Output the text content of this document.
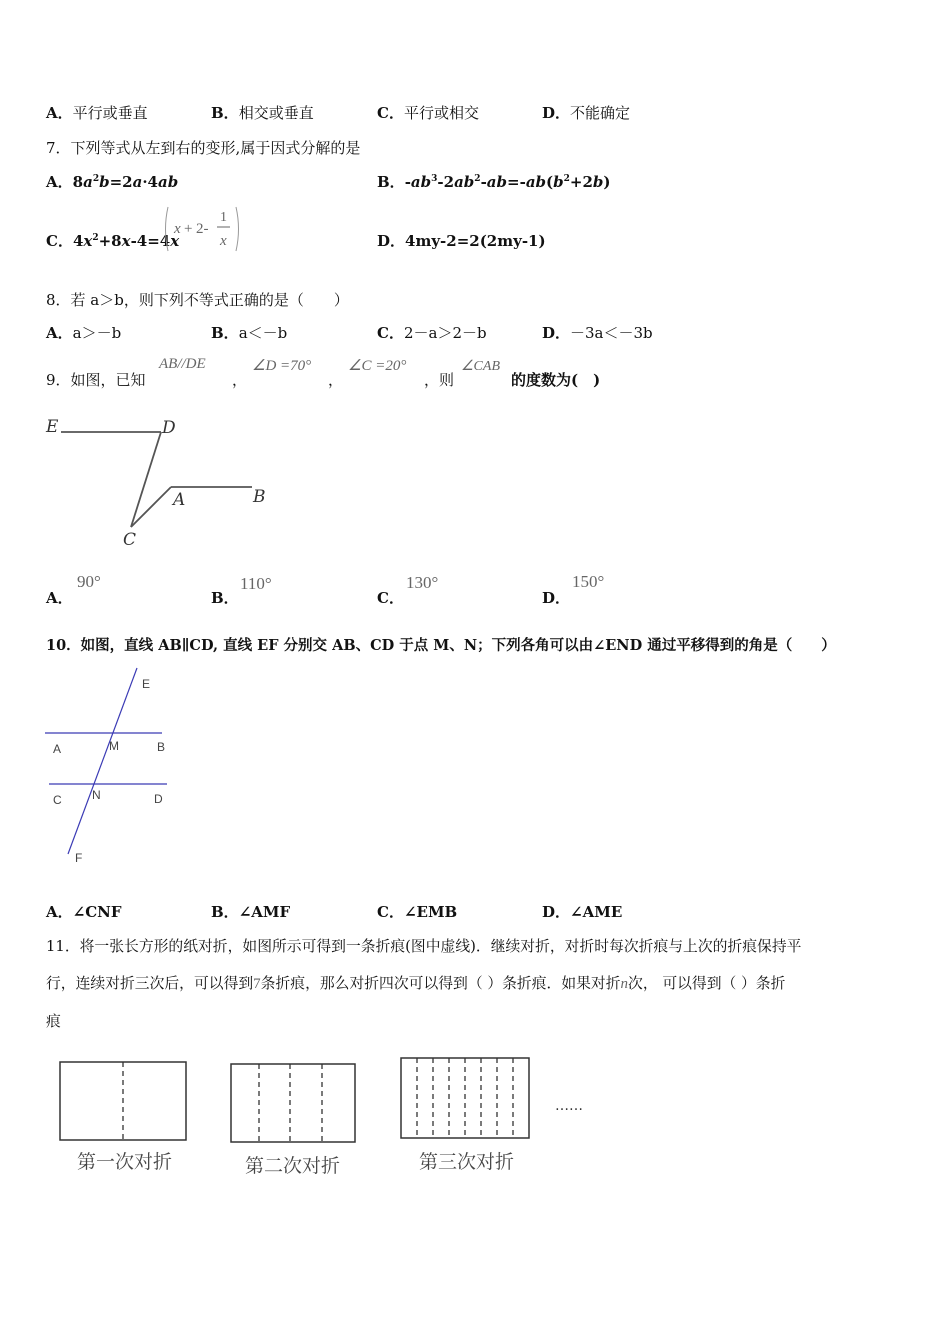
A．平行或垂直	B．相交或垂直	C．平行或相交	D．不能确定
7．下列等式从左到右的变形,属于因式分解的是
A．$8a^2b=2a\cdot 4ab$	B．$-ab^3-2ab^2-ab=-ab(b^2+2b)$
C．$4x^2+8x-4=4x$
x + 2-
1
x	D．4my-2=2(2my-1)
8．若 a＞b，则下列不等式正确的是（　　）
A．a＞－b	B．a＜－b	C．2－a＞2－b	D．－3a＜－3b
9．如图，已知
AB//DE
，
∠D =70°
，
∠C =20°
，则
∠CAB
的度数为(　)
E	D
A	B
C
A．
90°
B．
110°
C．
130°
D．
150°
10．如图，直线 AB∥CD, 直线 EF 分别交 AB、CD 于点 M、N；下列各角可以由∠END 通过平移得到的角是（　　）
E
A	M	B
C	N	D
F
A．∠CNF	B．∠AMF	C．∠EMB	D．∠AME
11．将一张长方形的纸对折，如图所示可得到一条折痕(图中虚线)．继续对折，对折时每次折痕与上次的折痕保持平
行，连续对折三次后，可以得到7条折痕，那么对折四次可以得到（ ）条折痕．如果对折n次， 可以得到（ ）条折
痕
……
第一次对折	第二次对折	第三次对折
